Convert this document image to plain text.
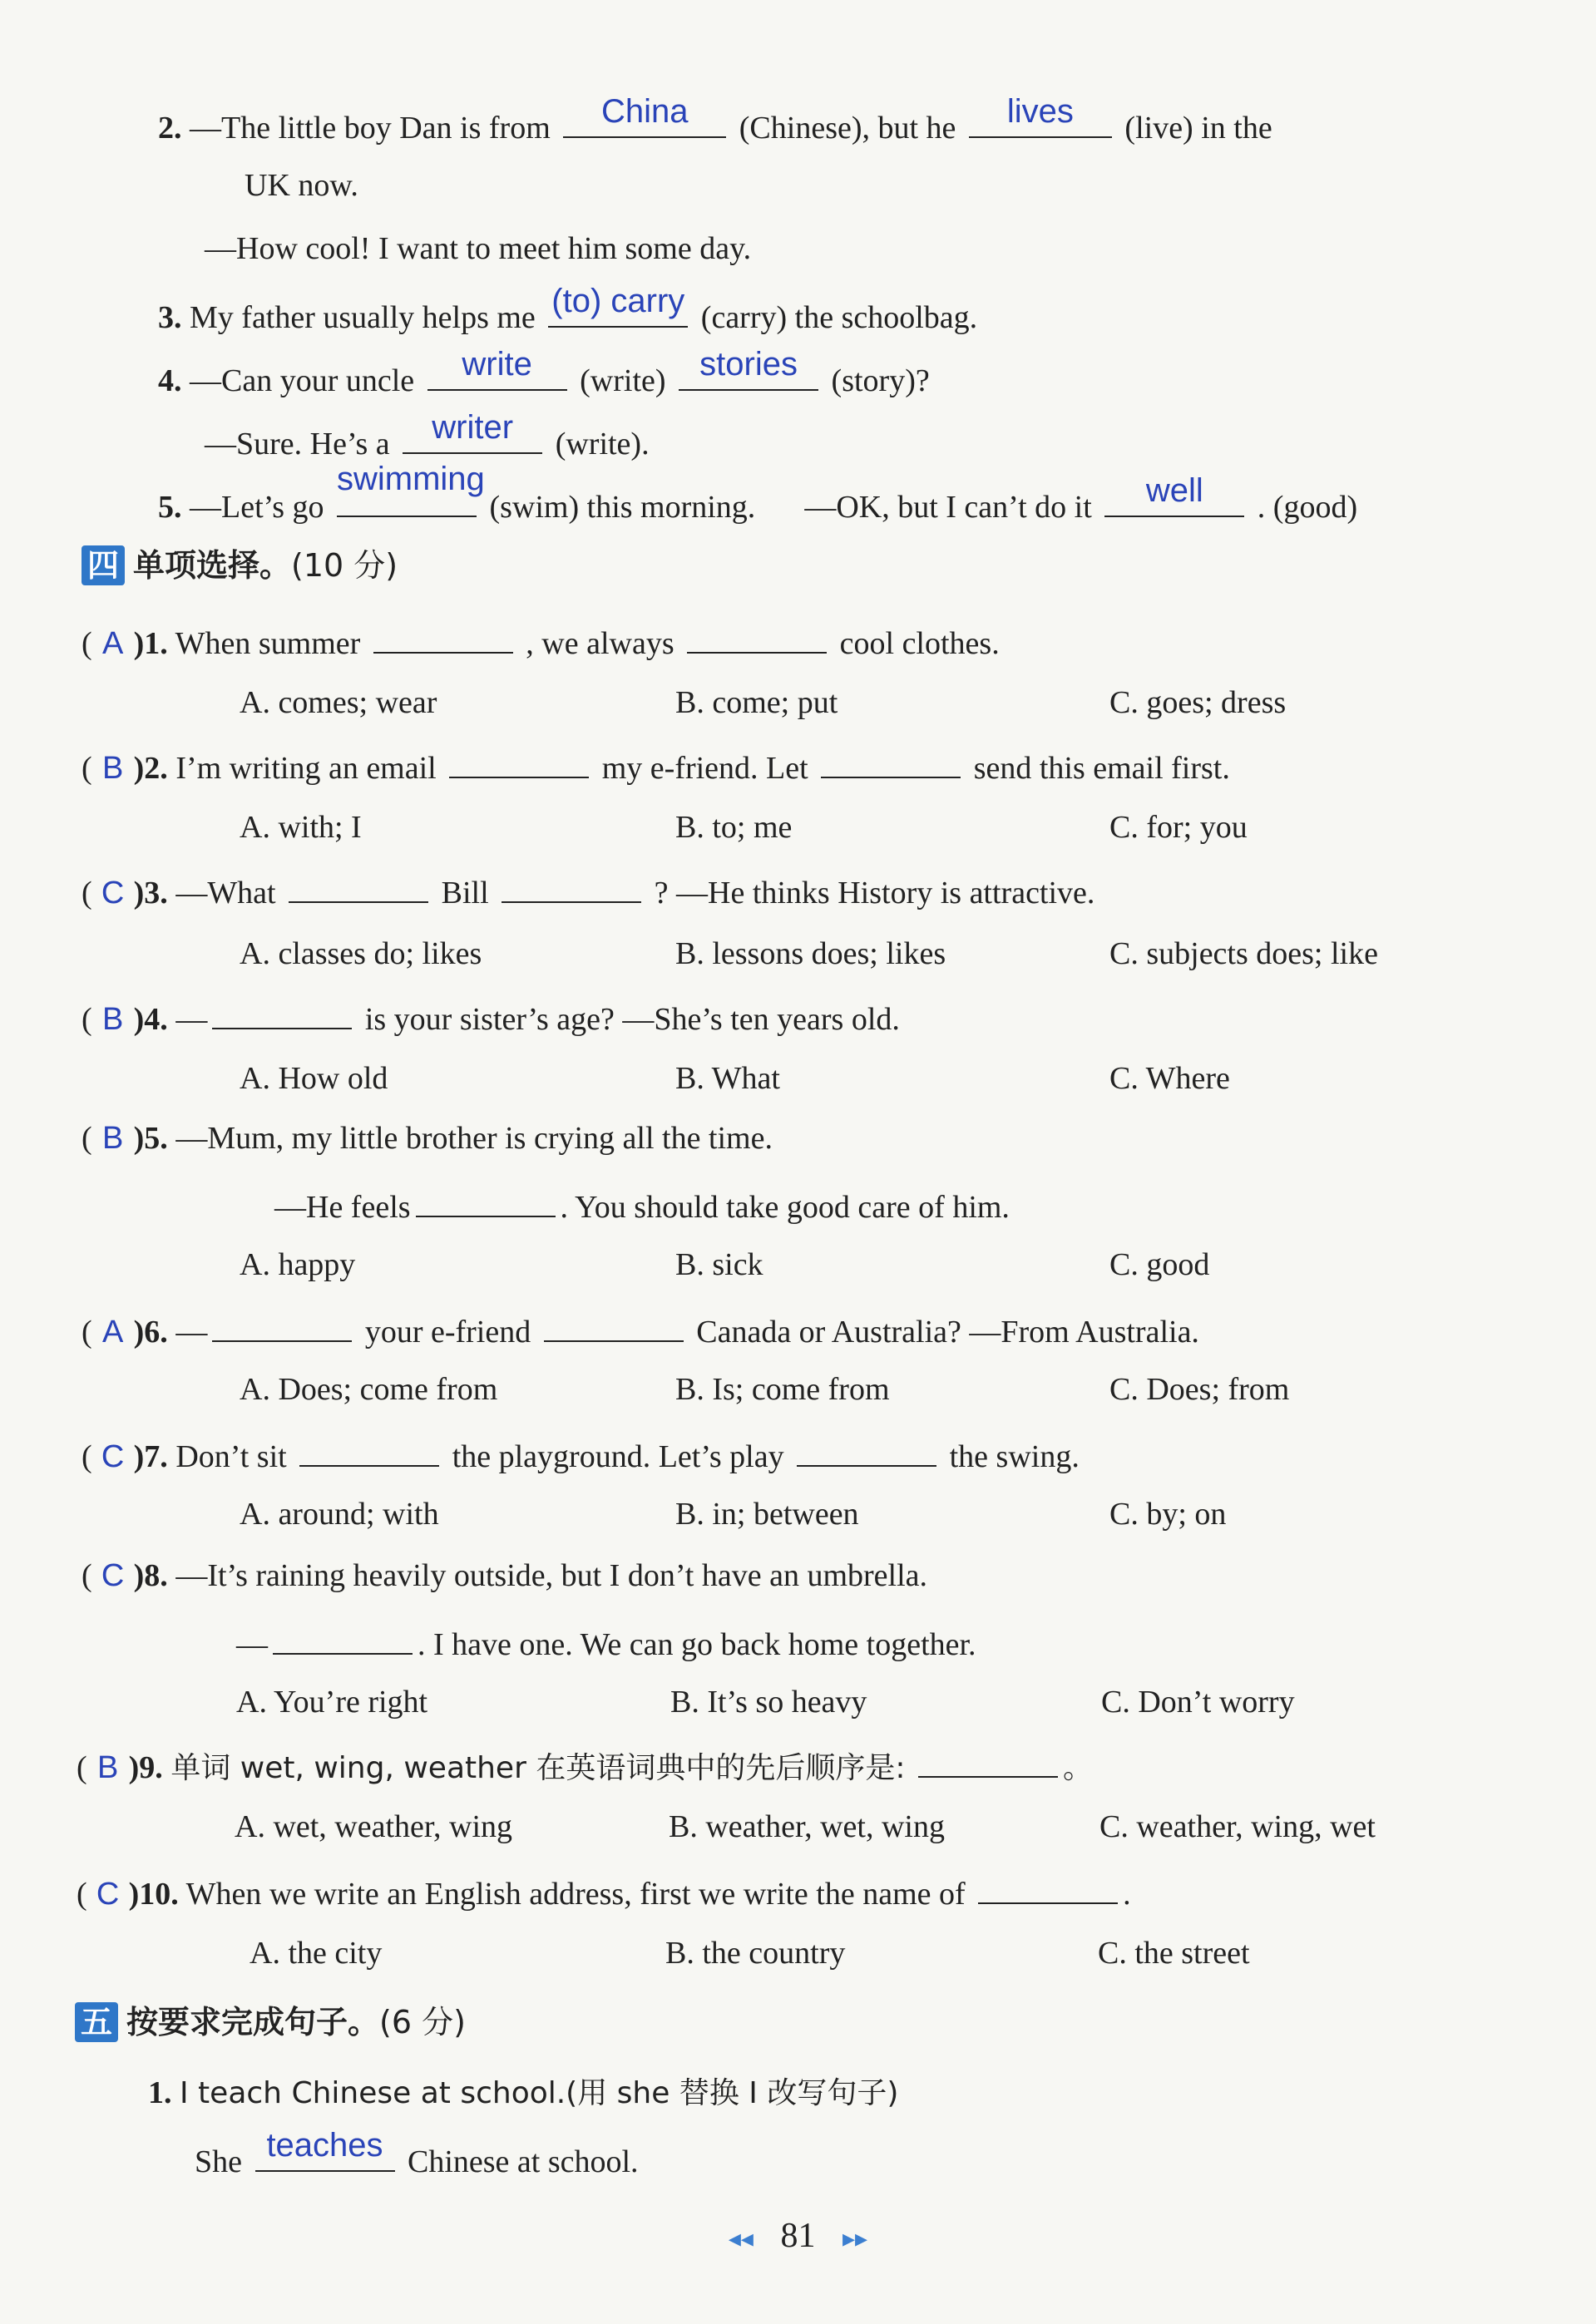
2. —The little boy Dan is from	China	(Chinese), but he	lives	(live) in the
UK now.
—How cool! I want to meet him some day.
3. My father usually helps me (to) carry (carry) the schoolbag.
4. —Can your uncle	write	(write)	stories	(story)?
—Sure. He’s a	writer	(write).
5. —Let’s go
swimming
(swim) this morning. —OK, but I can’t do it	well	. (good)
四 单项选择。(10 分)
( A )1. When summer	, we always	cool clothes.
A. comes; wear	B. come; put	C. goes; dress
( B )2. I’m writing an email	my e-friend. Let	send this email first.
A. with; I	B. to; me	C. for; you
( C )3. —What	Bill	? —He thinks History is attractive.
A. classes do; likes	B. lessons does; likes	C. subjects does; like
( B )4. —	is your sister’s age? —She’s ten years old.
A. How old	B. What	C. Where
( B )5. —Mum, my little brother is crying all the time.
—He feels	. You should take good care of him.
A. happy	B. sick	C. good
( A )6. —	your e-friend	Canada or Australia? —From Australia.
A. Does; come from	B. Is; come from	C. Does; from
( C )7. Don’t sit	the playground. Let’s play	the swing.
A. around; with	B. in; between	C. by; on
( C )8. —It’s raining heavily outside, but I don’t have an umbrella.
—	. I have one. We can go back home together.
A. You’re right	B. It’s so heavy	C. Don’t worry
( B )9. 单词 wet, wing, weather 在英语词典中的先后顺序是:	。
A. wet, weather, wing	B. weather, wet, wing	C. weather, wing, wet
( C )10. When we write an English address, first we write the name of	.
A. the city	B. the country	C. the street
五 按要求完成句子。(6 分)
1. I teach Chinese at school.(用 she 替换 I 改写句子)
She teaches Chinese at school.
◂◂ 81 ▸▸
